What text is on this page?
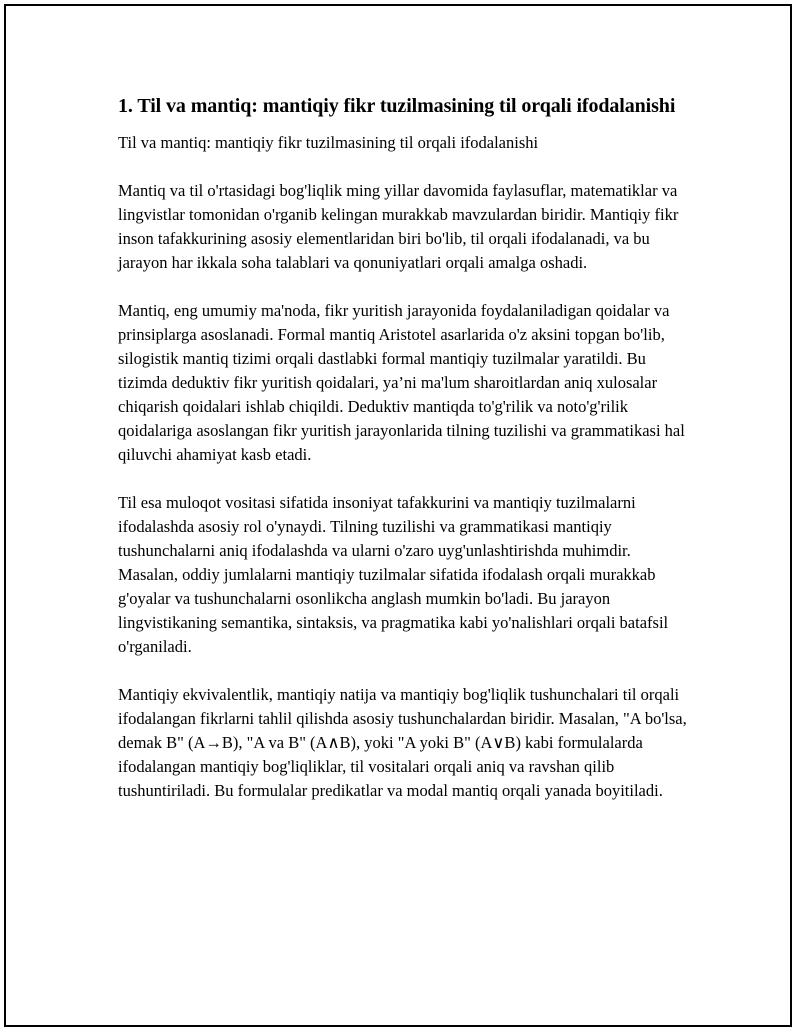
1. Til va mantiq: mantiqiy fikr tuzilmasining til orqali ifodalanishi

Til va mantiq: mantiqiy fikr tuzilmasining til orqali ifodalanishi

Mantiq va til o'rtasidagi bog'liqlik ming yillar davomida faylasuflar, matematiklar va lingvistlar tomonidan o'rganib kelingan murakkab mavzulardan biridir. Mantiqiy fikr inson tafakkurining asosiy elementlaridan biri bo'lib, til orqali ifodalanadi, va bu jarayon har ikkala soha talablari va qonuniyatlari orqali amalga oshadi.

Mantiq, eng umumiy ma'noda, fikr yuritish jarayonida foydalaniladigan qoidalar va prinsiplarga asoslanadi. Formal mantiq Aristotel asarlarida o'z aksini topgan bo'lib, silogistik mantiq tizimi orqali dastlabki formal mantiqiy tuzilmalar yaratildi. Bu tizimda deduktiv fikr yuritish qoidalari, ya’ni ma'lum sharoitlardan aniq xulosalar chiqarish qoidalari ishlab chiqildi. Deduktiv mantiqda to'g'rilik va noto'g'rilik qoidalariga asoslangan fikr yuritish jarayonlarida tilning tuzilishi va grammatikasi hal qiluvchi ahamiyat kasb etadi.

Til esa muloqot vositasi sifatida insoniyat tafakkurini va mantiqiy tuzilmalarni ifodalashda asosiy rol o'ynaydi. Tilning tuzilishi va grammatikasi mantiqiy tushunchalarni aniq ifodalashda va ularni o'zaro uyg'unlashtirishda muhimdir. Masalan, oddiy jumlalarni mantiqiy tuzilmalar sifatida ifodalash orqali murakkab g'oyalar va tushunchalarni osonlikcha anglash mumkin bo'ladi. Bu jarayon lingvistikaning semantika, sintaksis, va pragmatika kabi yo'nalishlari orqali batafsil o'rganiladi.

Mantiqiy ekvivalentlik, mantiqiy natija va mantiqiy bog'liqlik tushunchalari til orqali ifodalangan fikrlarni tahlil qilishda asosiy tushunchalardan biridir. Masalan, "A bo'lsa, demak B" (A→B), "A va B" (A∧B), yoki "A yoki B" (A∨B) kabi formulalarda ifodalangan mantiqiy bog'liqliklar, til vositalari orqali aniq va ravshan qilib tushuntiriladi. Bu formulalar predikatlar va modal mantiq orqali yanada boyitiladi.
